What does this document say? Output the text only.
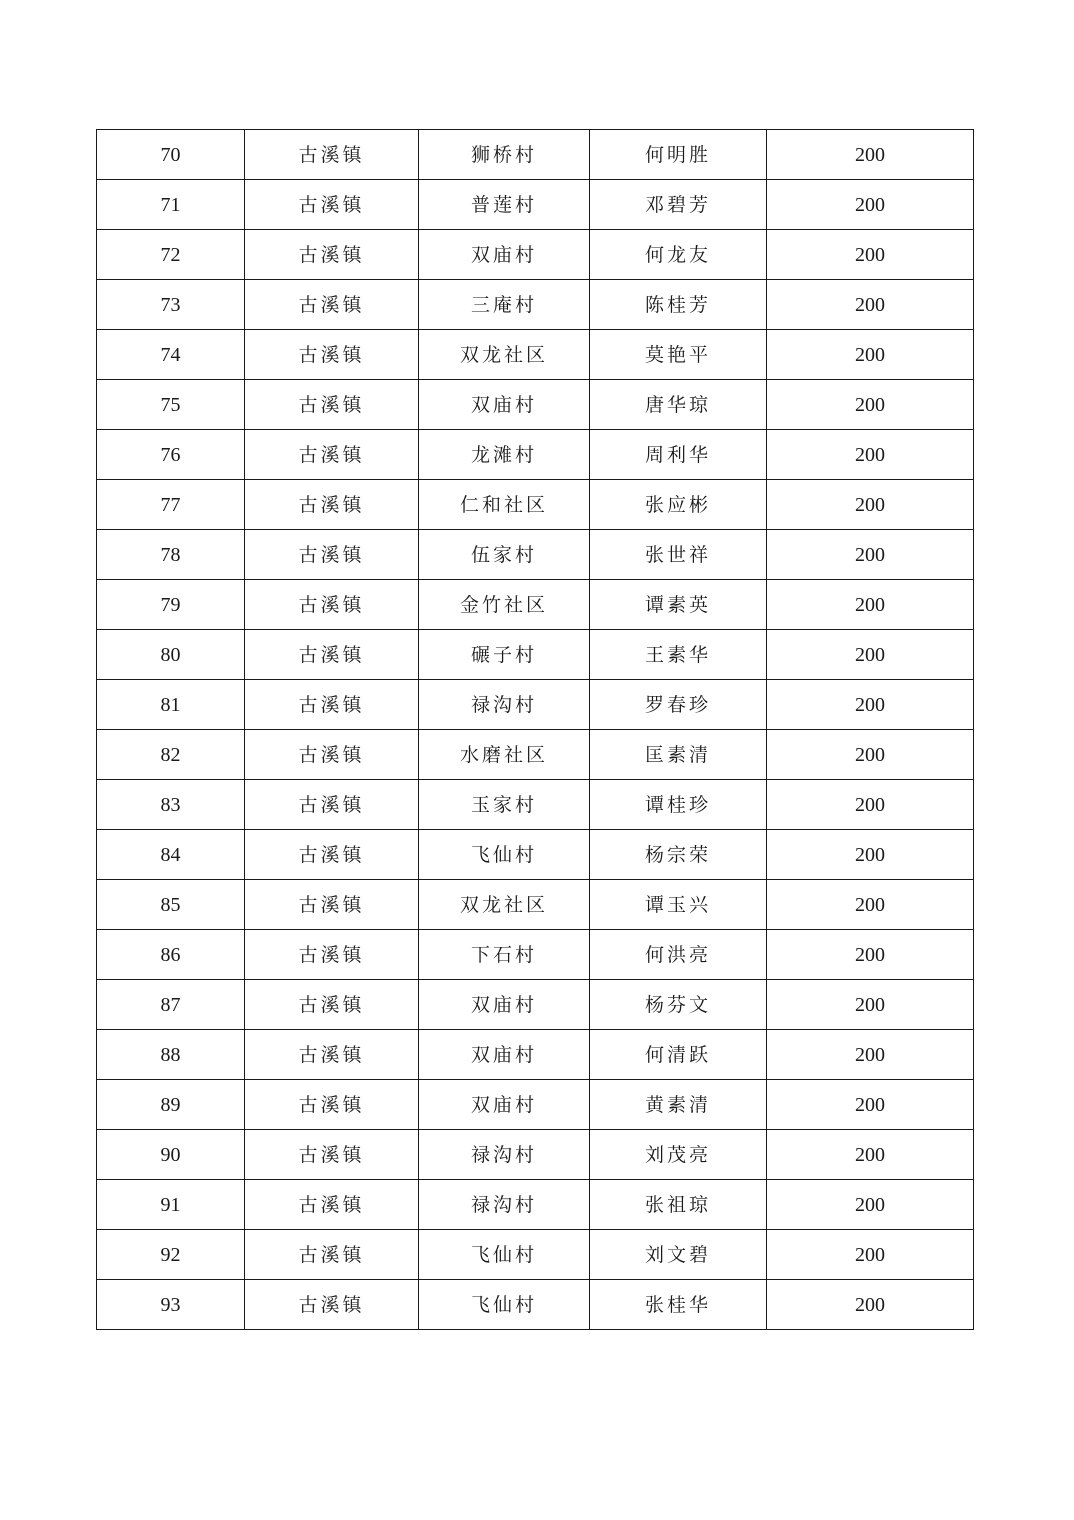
70	古溪镇	狮桥村	何明胜	200
71	古溪镇	普莲村	邓碧芳	200
72	古溪镇	双庙村	何龙友	200
73	古溪镇	三庵村	陈桂芳	200
74	古溪镇	双龙社区	莫艳平	200
75	古溪镇	双庙村	唐华琼	200
76	古溪镇	龙滩村	周利华	200
77	古溪镇	仁和社区	张应彬	200
78	古溪镇	伍家村	张世祥	200
79	古溪镇	金竹社区	谭素英	200
80	古溪镇	碾子村	王素华	200
81	古溪镇	禄沟村	罗春珍	200
82	古溪镇	水磨社区	匡素清	200
83	古溪镇	玉家村	谭桂珍	200
84	古溪镇	飞仙村	杨宗荣	200
85	古溪镇	双龙社区	谭玉兴	200
86	古溪镇	下石村	何洪亮	200
87	古溪镇	双庙村	杨芬文	200
88	古溪镇	双庙村	何清跃	200
89	古溪镇	双庙村	黄素清	200
90	古溪镇	禄沟村	刘茂亮	200
91	古溪镇	禄沟村	张祖琼	200
92	古溪镇	飞仙村	刘文碧	200
93	古溪镇	飞仙村	张桂华	200
